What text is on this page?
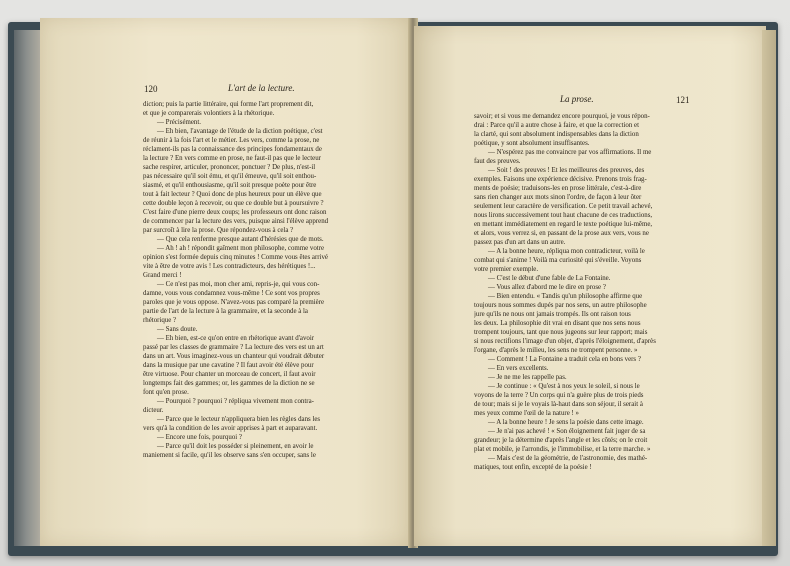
120	L'art de la lecture.
diction; puis la partie littéraire, qui forme l'art proprement dit,
et que je comparerais volontiers à la rhétorique.
— Précisément.
— Eh bien, l'avantage de l'étude de la diction poétique, c'est
de réunir à la fois l'art et le métier. Les vers, comme la prose, ne
réclament-ils pas la connaissance des principes fondamentaux de
la lecture ? En vers comme en prose, ne faut-il pas que le lecteur
sache respirer, articuler, prononcer, ponctuer ? De plus, n'est-il
pas nécessaire qu'il soit ému, et qu'il émeuve, qu'il soit enthou-
siasmé, et qu'il enthousiasme, qu'il soit presque poète pour être
tout à fait lecteur ? Quoi donc de plus heureux pour un élève que
cette double leçon à recevoir, ou que ce double but à poursuivre ?
C'est faire d'une pierre deux coups; les professeurs ont donc raison
de commencer par la lecture des vers, puisque ainsi l'élève apprend
par surcroît à lire la prose. Que répondez-vous à cela ?
— Que cela renferme presque autant d'hérésies que de mots.
— Ah ! ah ! répondit gaîment mon philosophe, comme votre
opinion s'est formée depuis cinq minutes ! Comme vous êtes arrivé
vite à être de votre avis ! Les contradicteurs, des hérétiques !...
Grand merci !
— Ce n'est pas moi, mon cher ami, repris-je, qui vous con-
damne, vous vous condamnez vous-même ! Ce sont vos propres
paroles que je vous oppose. N'avez-vous pas comparé la première
partie de l'art de la lecture à la grammaire, et la seconde à la
rhétorique ?
— Sans doute.
— Eh bien, est-ce qu'on entre en rhétorique avant d'avoir
passé par les classes de grammaire ? La lecture des vers est un art
dans un art. Vous imaginez-vous un chanteur qui voudrait débuter
dans la musique par une cavatine ? Il faut avoir été élève pour
être virtuose. Pour chanter un morceau de concert, il faut avoir
longtemps fait des gammes; or, les gammes de la diction ne se
font qu'en prose.
— Pourquoi ? pourquoi ? répliqua vivement mon contra-
dicteur.
— Parce que le lecteur n'appliquera bien les règles dans les
vers qu'à la condition de les avoir apprises à part et auparavant.
— Encore une fois, pourquoi ?
— Parce qu'il doit les posséder si pleinement, en avoir le
maniement si facile, qu'il les observe sans s'en occuper, sans le
La prose.	121
savoir; et si vous me demandez encore pourquoi, je vous répon-
drai : Parce qu'il a autre chose à faire, et que la correction et
la clarté, qui sont absolument indispensables dans la diction
poétique, y sont absolument insuffisantes.
— N'espérez pas me convaincre par vos affirmations. Il me
faut des preuves.
— Soit ! des preuves ! Et les meilleures des preuves, des
exemples. Faisons une expérience décisive. Prenons trois frag-
ments de poésie; traduisons-les en prose littérale, c'est-à-dire
sans rien changer aux mots sinon l'ordre, de façon à leur ôter
seulement leur caractère de versification. Ce petit travail achevé,
nous lirons successivement tout haut chacune de ces traductions,
en mettant immédiatement en regard le texte poétique lui-même,
et alors, vous verrez si, en passant de la prose aux vers, vous ne
passez pas d'un art dans un autre.
— A la bonne heure, répliqua mon contradicteur, voilà le
combat qui s'anime ! Voilà ma curiosité qui s'éveille. Voyons
votre premier exemple.
— C'est le début d'une fable de La Fontaine.
— Vous allez d'abord me le dire en prose ?
— Bien entendu. « Tandis qu'un philosophe affirme que
toujours nous sommes dupés par nos sens, un autre philosophe
jure qu'ils ne nous ont jamais trompés. Ils ont raison tous
les deux. La philosophie dit vrai en disant que nos sens nous
trompent toujours, tant que nous jugeons sur leur rapport; mais
si nous rectifions l'image d'un objet, d'après l'éloignement, d'après
l'organe, d'après le milieu, les sens ne trompent personne. »
— Comment ! La Fontaine a traduit cela en bons vers ?
— En vers excellents.
— Je ne me les rappelle pas.
— Je continue : « Qu'est à nos yeux le soleil, si nous le
voyons de la terre ? Un corps qui n'a guère plus de trois pieds
de tour; mais si je le voyais là-haut dans son séjour, il serait à
mes yeux comme l'œil de la nature ! »
— A la bonne heure ! Je sens la poésie dans cette image.
— Je n'ai pas achevé ! « Son éloignement fait juger de sa
grandeur; je la détermine d'après l'angle et les côtés; on le croit
plat et mobile, je l'arrondis, je l'immobilise, et la terre marche. »
— Mais c'est de la géométrie, de l'astronomie, des mathé-
matiques, tout enfin, excepté de la poésie !
